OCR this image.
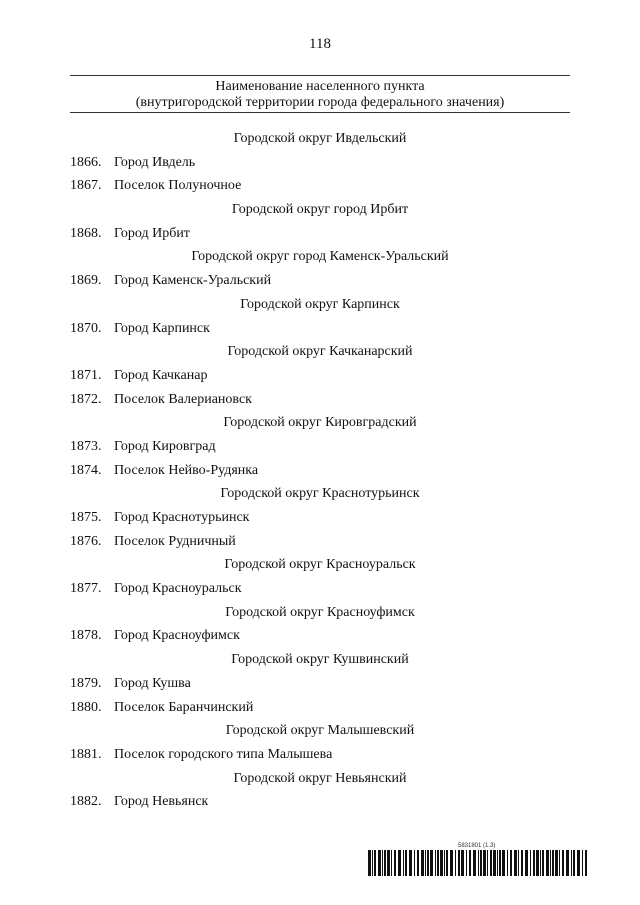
118
Наименование населенного пункта
(внутригородской территории города федерального значения)
Городской округ Ивдельский
1866. Город Ивдель
1867. Поселок Полуночное
Городской округ город Ирбит
1868. Город Ирбит
Городской округ город Каменск-Уральский
1869. Город Каменск-Уральский
Городской округ Карпинск
1870. Город Карпинск
Городской округ Качканарский
1871. Город Качканар
1872. Поселок Валериановск
Городской округ Кировградский
1873. Город Кировград
1874. Поселок Нейво-Рудянка
Городской округ Краснотурьинск
1875. Город Краснотурьинск
1876. Поселок Рудничный
Городской округ Красноуральск
1877. Город Красноуральск
Городской округ Красноуфимск
1878. Город Красноуфимск
Городской округ Кушвинский
1879. Город Кушва
1880. Поселок Баранчинский
Городской округ Малышевский
1881. Поселок городского типа Малышева
Городской округ Невьянский
1882. Город Невьянск
5831801 (1.3)
